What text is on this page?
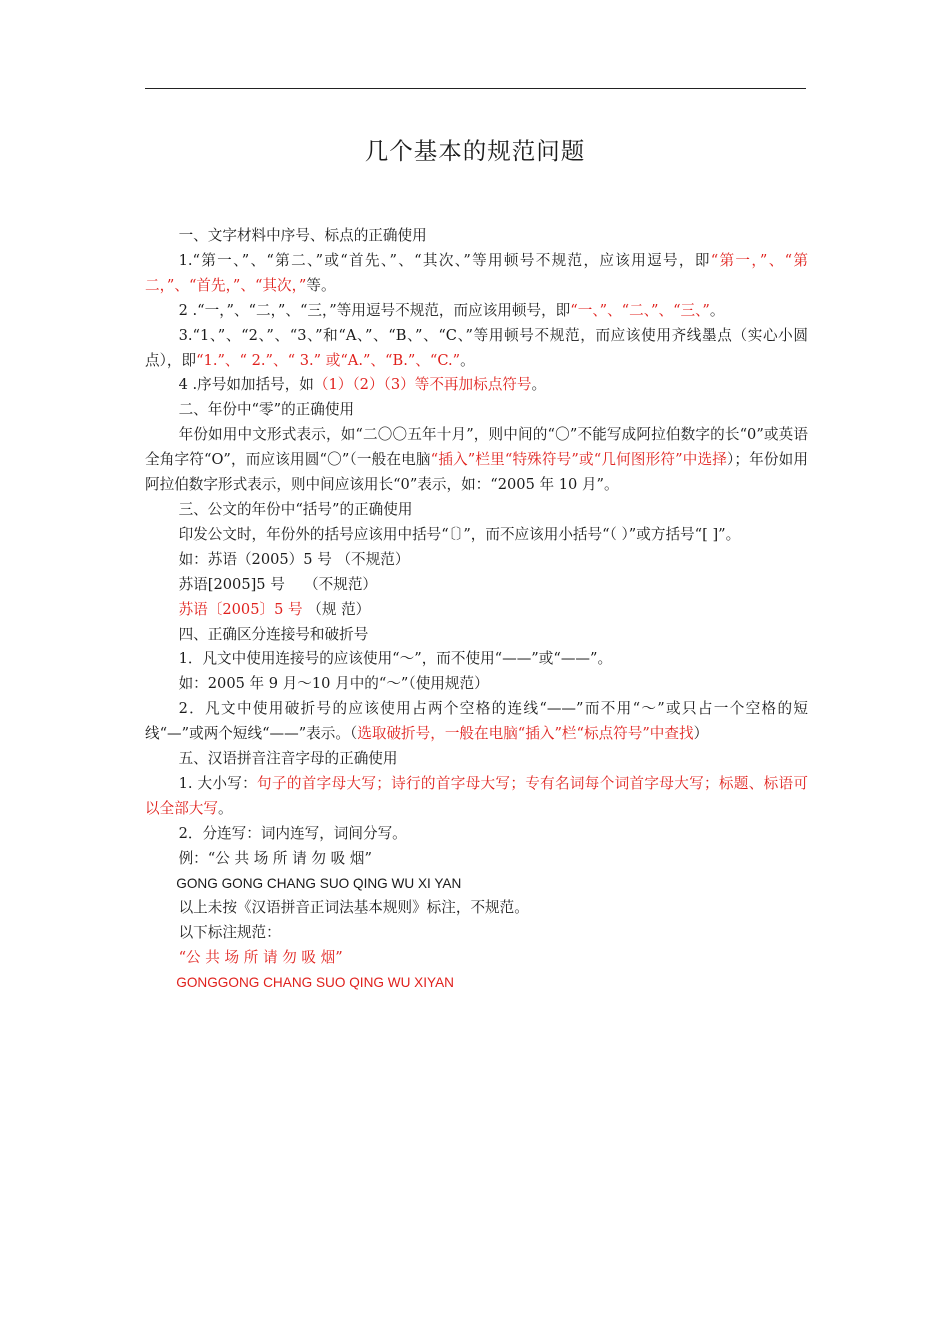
几个基本的规范问题

一、文字材料中序号、标点的正确使用

1.“第一、”、“第二、”或“首先、”、“其次、”等用顿号不规范，应该用逗号，即“第一，”、“第二，”、“首先，”、“其次，”等。

2 .“一，”、“二，”、“三，”等用逗号不规范，而应该用顿号，即“一、”、“二、”、“三、”。

3.“1、”、“2、”、“3、”和“A、”、“B、”、“C、”等用顿号不规范，而应该使用齐线墨点（实心小圆点），即“1.”、“ 2.”、“ 3.” 或“A.”、“B.”、“C.”。

4 .序号如加括号，如（1）（2）（3）等不再加标点符号。

二、年份中“零”的正确使用

年份如用中文形式表示，如“二〇〇五年十月”，则中间的“〇”不能写成阿拉伯数字的长“0”或英语全角字符“O”，而应该用圆“〇”（一般在电脑“插入”栏里“特殊符号”或“几何图形符”中选择）；年份如用阿拉伯数字形式表示，则中间应该用长“0”表示，如：“2005 年 10 月”。

三、公文的年份中“括号”的正确使用

印发公文时，年份外的括号应该用中括号“〔〕”，而不应该用小括号“（ ）”或方括号“[ ]”。

如：苏语（2005）5 号 （不规范）

苏语[2005]5 号　 （不规范）

苏语〔2005〕5 号 （规 范）

四、正确区分连接号和破折号

1．凡文中使用连接号的应该使用“～”，而不使用“——”或“——”。

如：2005 年 9 月～10 月中的“～”（使用规范）

2．凡文中使用破折号的应该使用占两个空格的连线“——”而不用“～”或只占一个空格的短线“—”或两个短线“——”表示。（选取破折号，一般在电脑“插入”栏“标点符号”中查找）

五、汉语拼音注音字母的正确使用

1. 大小写：句子的首字母大写；诗行的首字母大写；专有名词每个词首字母大写；标题、标语可以全部大写。

2．分连写：词内连写，词间分写。

例：“公 共 场 所 请 勿 吸 烟”

GONG GONG CHANG SUO QING WU XI YAN

以上未按《汉语拼音正词法基本规则》标注，不规范。

以下标注规范：

“公 共 场 所 请 勿 吸 烟”

GONGGONG CHANG SUO QING WU XIYAN
